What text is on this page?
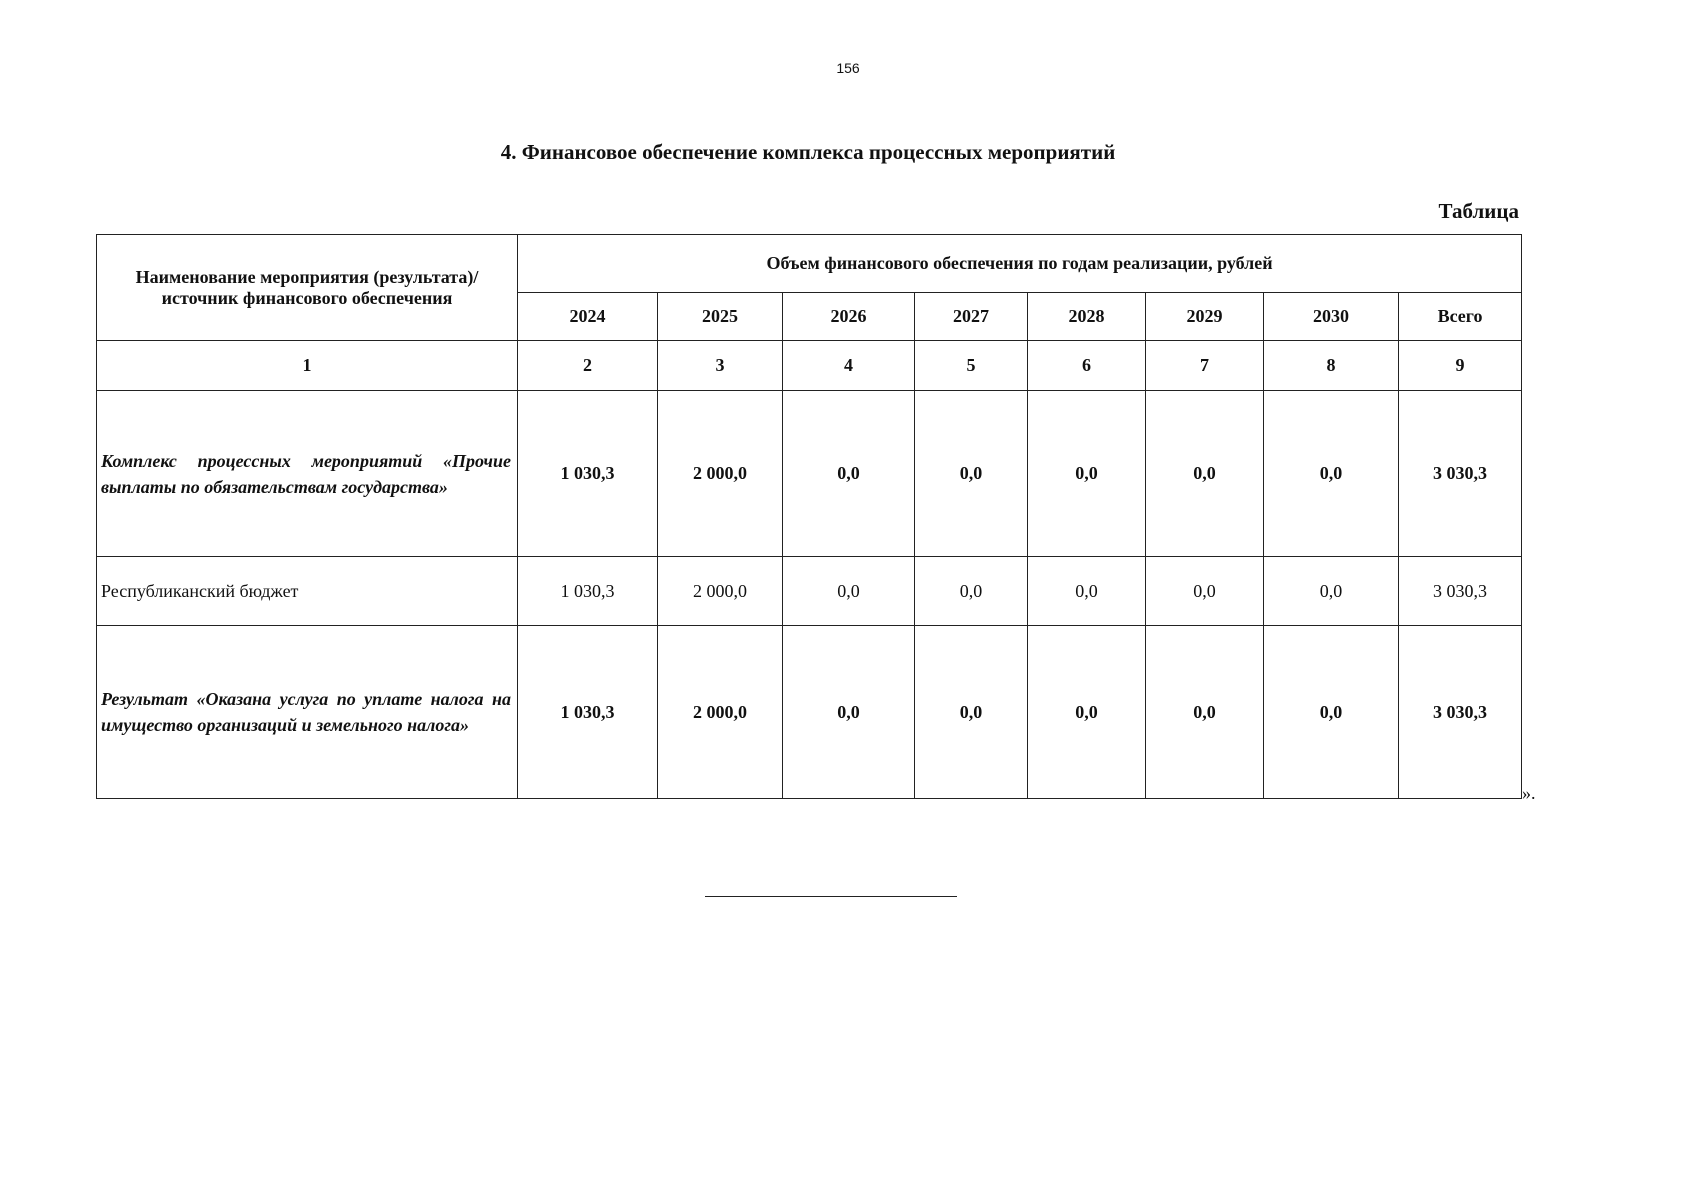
156
4. Финансовое обеспечение комплекса процессных мероприятий
Таблица
Наименование мероприятия (результата)/источник финансового обеспечения	Объем финансового обеспечения по годам реализации, рублей							
	2024	2025	2026	2027	2028	2029	2030	Всего
1	2	3	4	5	6	7	8	9
Комплекс процессных мероприятий «Прочие выплаты по обязательствам государства»	1 030,3	2 000,0	0,0	0,0	0,0	0,0	0,0	3 030,3
Республиканский бюджет	1 030,3	2 000,0	0,0	0,0	0,0	0,0	0,0	3 030,3
Результат «Оказана услуга по уплате налога на имущество организаций и земельного налога»	1 030,3	2 000,0	0,0	0,0	0,0	0,0	0,0	3 030,3
».
